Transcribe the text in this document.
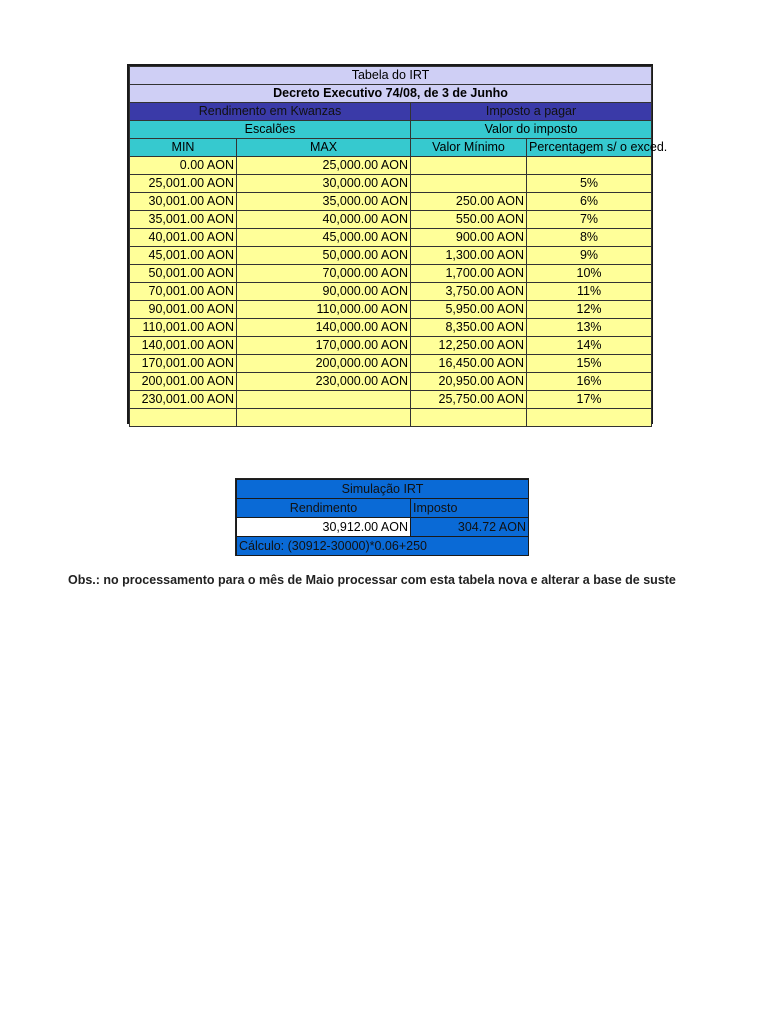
Tabela do IRT			
Decreto Executivo 74/08, de 3 de Junho			
Rendimento em Kwanzas		Imposto a pagar	
Escalões		Valor do imposto	
MIN	MAX	Valor Mínimo	Percentagem s/ o exced.
0.00 AON	25,000.00 AON		
25,001.00 AON	30,000.00 AON		5%
30,001.00 AON	35,000.00 AON	250.00 AON	6%
35,001.00 AON	40,000.00 AON	550.00 AON	7%
40,001.00 AON	45,000.00 AON	900.00 AON	8%
45,001.00 AON	50,000.00 AON	1,300.00 AON	9%
50,001.00 AON	70,000.00 AON	1,700.00 AON	10%
70,001.00 AON	90,000.00 AON	3,750.00 AON	11%
90,001.00 AON	110,000.00 AON	5,950.00 AON	12%
110,001.00 AON	140,000.00 AON	8,350.00 AON	13%
140,001.00 AON	170,000.00 AON	12,250.00 AON	14%
170,001.00 AON	200,000.00 AON	16,450.00 AON	15%
200,001.00 AON	230,000.00 AON	20,950.00 AON	16%
230,001.00 AON		25,750.00 AON	17%

Simulação IRT	
Rendimento	Imposto
30,912.00 AON	304.72 AON
Cálculo: (30912-30000)*0.06+250	
Obs.: no processamento para o mês de Maio processar com esta tabela nova e alterar a base de suste
